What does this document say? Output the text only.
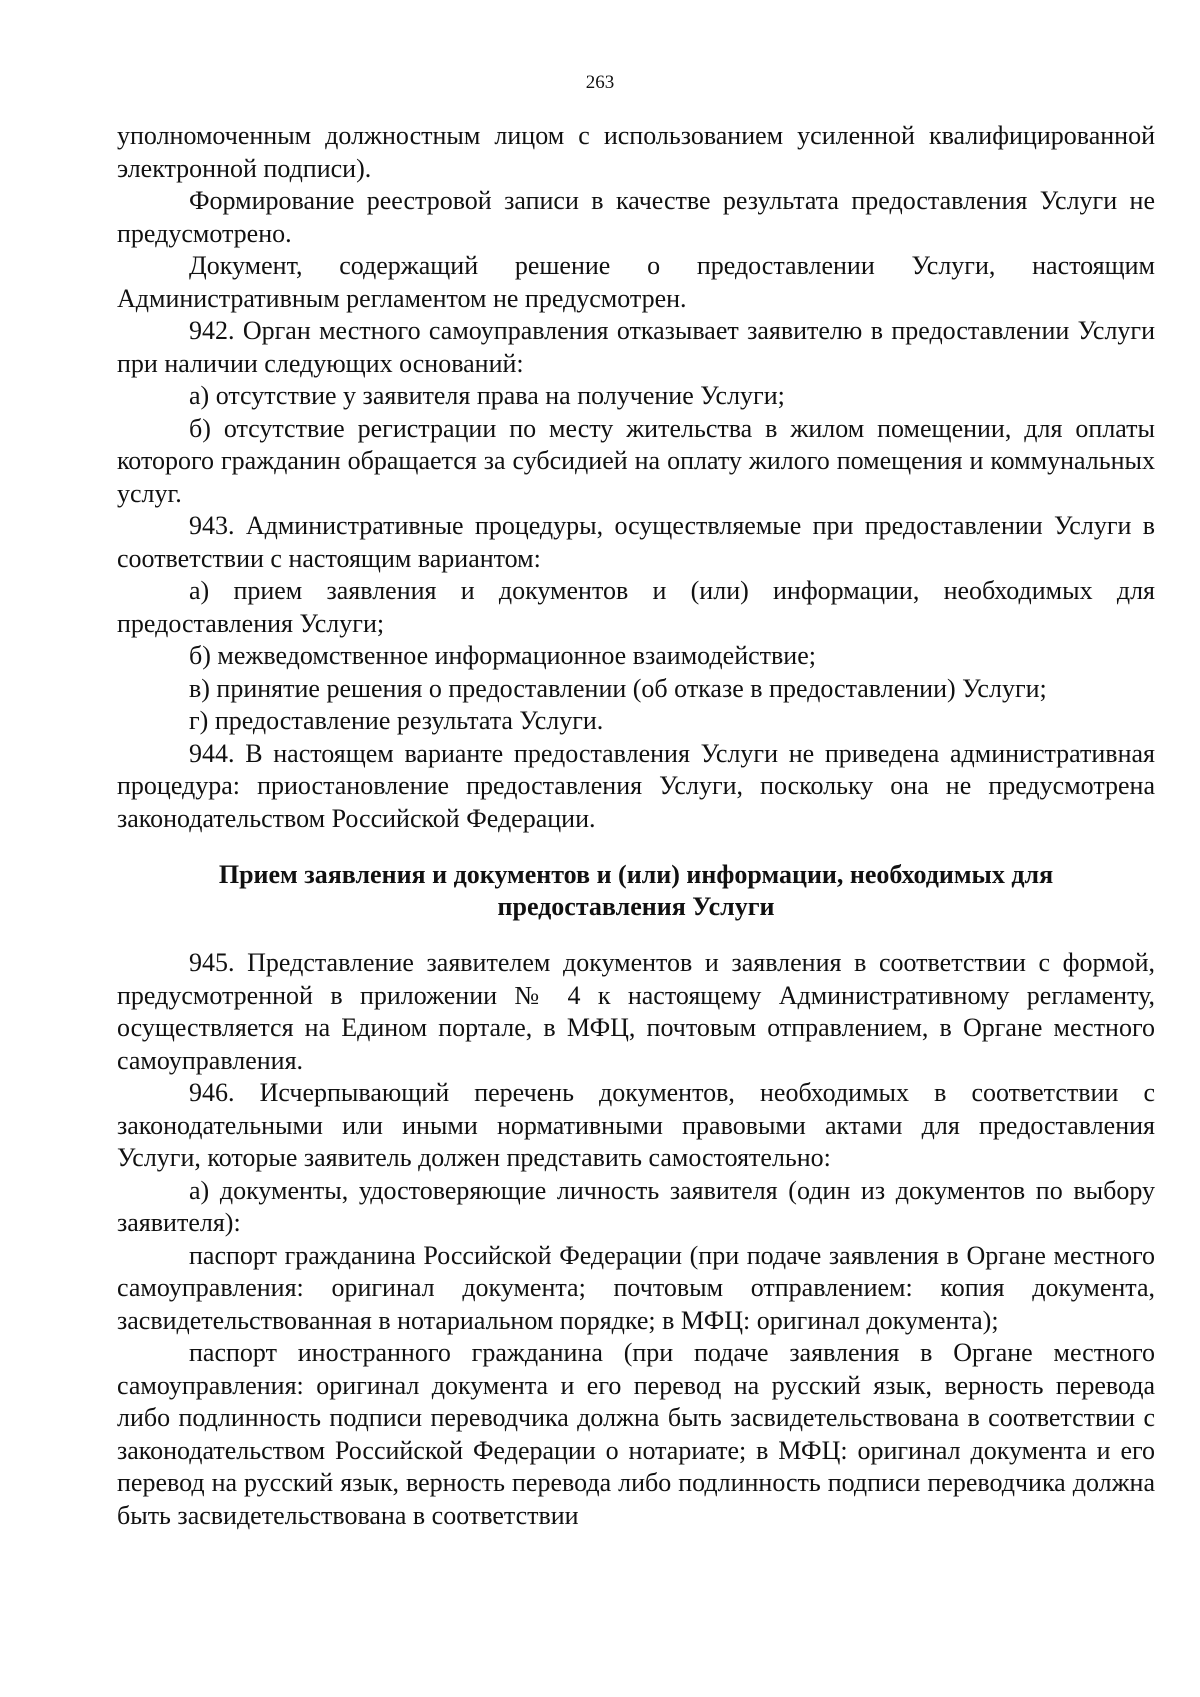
263

уполномоченным должностным лицом с использованием усиленной квалифицированной электронной подписи).

Формирование реестровой записи в качестве результата предоставления Услуги не предусмотрено.

Документ, содержащий решение о предоставлении Услуги, настоящим Административным регламентом не предусмотрен.

942. Орган местного самоуправления отказывает заявителю в предоставлении Услуги при наличии следующих оснований:

а) отсутствие у заявителя права на получение Услуги;

б) отсутствие регистрации по месту жительства в жилом помещении, для оплаты которого гражданин обращается за субсидией на оплату жилого помещения и коммунальных услуг.

943. Административные процедуры, осуществляемые при предоставлении Услуги в соответствии с настоящим вариантом:

а) прием заявления и документов и (или) информации, необходимых для предоставления Услуги;

б) межведомственное информационное взаимодействие;

в) принятие решения о предоставлении (об отказе в предоставлении) Услуги;

г) предоставление результата Услуги.

944. В настоящем варианте предоставления Услуги не приведена административная процедура: приостановление предоставления Услуги, поскольку она не предусмотрена законодательством Российской Федерации.

Прием заявления и документов и (или) информации, необходимых для
предоставления Услуги

945. Представление заявителем документов и заявления в соответствии с формой, предусмотренной в приложении № 4 к настоящему Административному регламенту, осуществляется на Едином портале, в МФЦ, почтовым отправлением, в Органе местного самоуправления.

946. Исчерпывающий перечень документов, необходимых в соответствии с законодательными или иными нормативными правовыми актами для предоставления Услуги, которые заявитель должен представить самостоятельно:

а) документы, удостоверяющие личность заявителя (один из документов по выбору заявителя):

паспорт гражданина Российской Федерации (при подаче заявления в Органе местного самоуправления: оригинал документа; почтовым отправлением: копия документа, засвидетельствованная в нотариальном порядке; в МФЦ: оригинал документа);

паспорт иностранного гражданина (при подаче заявления в Органе местного самоуправления: оригинал документа и его перевод на русский язык, верность перевода либо подлинность подписи переводчика должна быть засвидетельствована в соответствии с законодательством Российской Федерации о нотариате; в МФЦ: оригинал документа и его перевод на русский язык, верность перевода либо подлинность подписи переводчика должна быть засвидетельствована в соответствии
